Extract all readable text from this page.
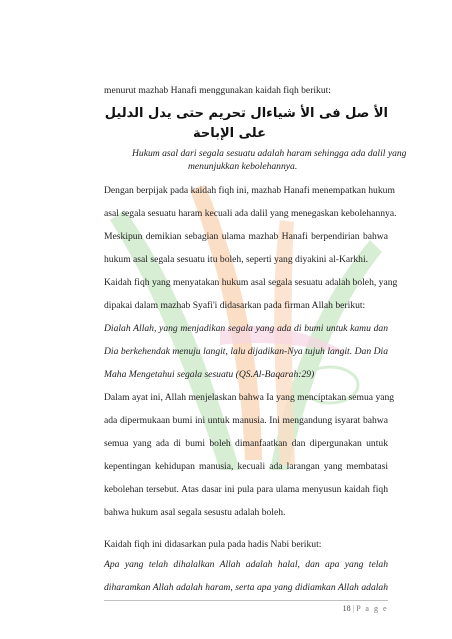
menurut mazhab Hanafi menggunakan kaidah fiqh berikut:
الأ صل فى الأ شياءال تحريم حتى يدل الدليل
على الإباحة
Hukum asal dari segala sesuatu adalah haram sehingga ada dalil yang
menunjukkan kebolehannya.
Dengan berpijak pada kaidah fiqh ini, mazhab Hanafi menempatkan hukum
asal segala sesuatu haram kecuali ada dalil yang menegaskan kebolehannya.
Meskipun demikian sebagian ulama mazhab Hanafi berpendirian bahwa
hukum asal segala sesuatu itu boleh, seperti yang diyakini al-Karkhi.
Kaidah fiqh yang menyatakan hukum asal segala sesuatu adalah boleh, yang
dipakai dalam mazhab Syafi'i didasarkan pada firman Allah berikut:
Dialah Allah, yang menjadikan segala yang ada di bumi untuk kamu dan
Dia berkehendak menuju langit, lalu dijadikan-Nya tujuh langit. Dan Dia
Maha Mengetahui segala sesuatu (QS.Al-Baqarah:29)
Dalam ayat ini, Allah menjelaskan bahwa Ia yang menciptakan semua yang
ada dipermukaan bumi ini untuk manusia. Ini mengandung isyarat bahwa
semua yang ada di bumi boleh dimanfaatkan dan dipergunakan untuk
kepentingan kehidupan manusia, kecuali ada larangan yang membatasi
kebolehan tersebut. Atas dasar ini pula para ulama menyusun kaidah fiqh
bahwa hukum asal segala sesustu adalah boleh.
Kaidah fiqh ini didasarkan pula pada hadis Nabi berikut:
Apa yang telah dihalalkan Allah adalah halal, dan apa yang telah
diharamkan Allah adalah haram, serta apa yang didiamkan Allah adalah
18 | P a g e
